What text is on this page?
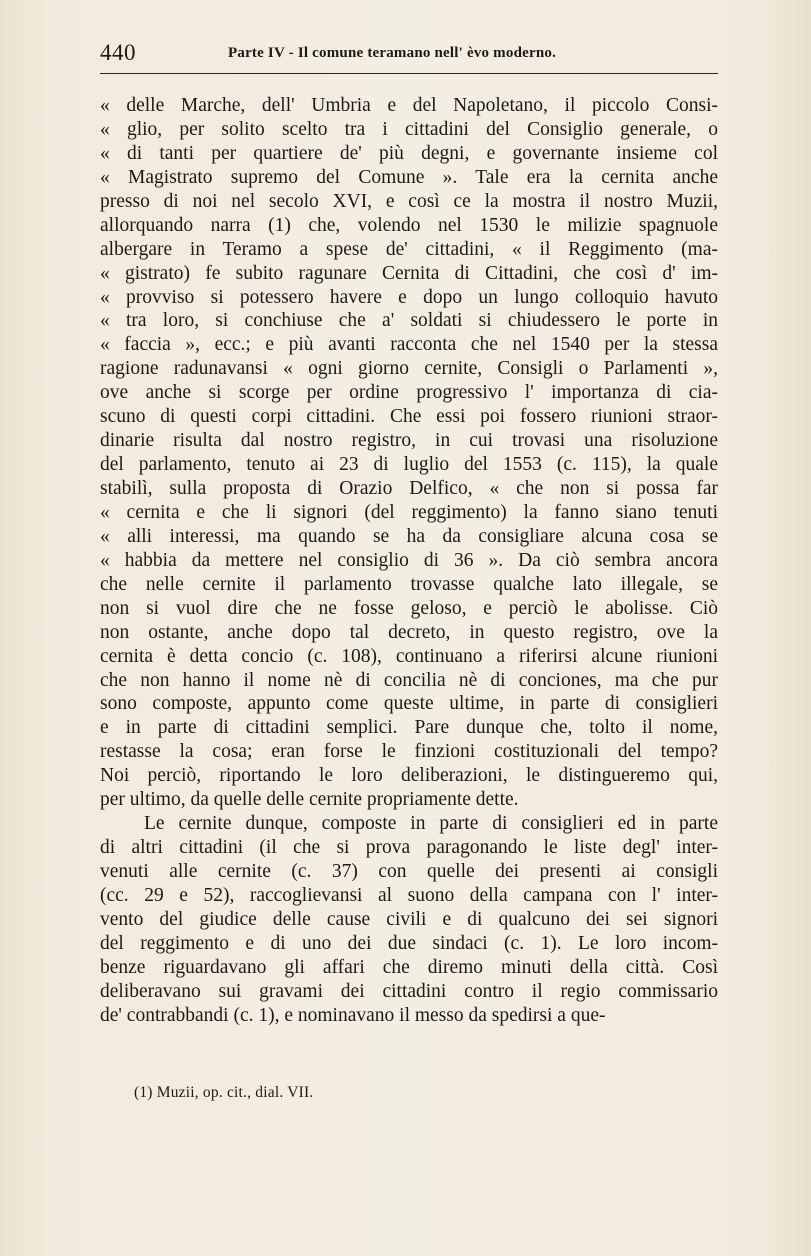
440	Parte IV - Il comune teramano nell' èvo moderno.
« delle Marche, dell' Umbria e del Napoletano, il piccolo Consi-
« glio, per solito scelto tra i cittadini del Consiglio generale, o
« di tanti per quartiere de' più degni, e governante insieme col
« Magistrato supremo del Comune ». Tale era la cernita anche
presso di noi nel secolo XVI, e così ce la mostra il nostro Muzii,
allorquando narra (1) che, volendo nel 1530 le milizie spagnuole
albergare in Teramo a spese de' cittadini, « il Reggimento (ma-
« gistrato) fe subito ragunare Cernita di Cittadini, che così d' im-
« provviso si potessero havere e dopo un lungo colloquio havuto
« tra loro, si conchiuse che a' soldati si chiudessero le porte in
« faccia », ecc.; e più avanti racconta che nel 1540 per la stessa
ragione radunavansi « ogni giorno cernite, Consigli o Parlamenti »,
ove anche si scorge per ordine progressivo l' importanza di cia-
scuno di questi corpi cittadini. Che essi poi fossero riunioni straor-
dinarie risulta dal nostro registro, in cui trovasi una risoluzione
del parlamento, tenuto ai 23 di luglio del 1553 (c. 115), la quale
stabilì, sulla proposta di Orazio Delfico, « che non si possa far
« cernita e che li signori (del reggimento) la fanno siano tenuti
« alli interessi, ma quando se ha da consigliare alcuna cosa se
« habbia da mettere nel consiglio di 36 ». Da ciò sembra ancora
che nelle cernite il parlamento trovasse qualche lato illegale, se
non si vuol dire che ne fosse geloso, e perciò le abolisse. Ciò
non ostante, anche dopo tal decreto, in questo registro, ove la
cernita è detta concio (c. 108), continuano a riferirsi alcune riunioni
che non hanno il nome nè di concilia nè di conciones, ma che pur
sono composte, appunto come queste ultime, in parte di consiglieri
e in parte di cittadini semplici. Pare dunque che, tolto il nome,
restasse la cosa; eran forse le finzioni costituzionali del tempo?
Noi perciò, riportando le loro deliberazioni, le distingueremo qui,
per ultimo, da quelle delle cernite propriamente dette.
Le cernite dunque, composte in parte di consiglieri ed in parte
di altri cittadini (il che si prova paragonando le liste degl' inter-
venuti alle cernite (c. 37) con quelle dei presenti ai consigli
(cc. 29 e 52), raccoglievansi al suono della campana con l' inter-
vento del giudice delle cause civili e di qualcuno dei sei signori
del reggimento e di uno dei due sindaci (c. 1). Le loro incom-
benze riguardavano gli affari che diremo minuti della città. Così
deliberavano sui gravami dei cittadini contro il regio commissario
de' contrabbandi (c. 1), e nominavano il messo da spedirsi a que-
(1) Muzii, op. cit., dial. VII.
